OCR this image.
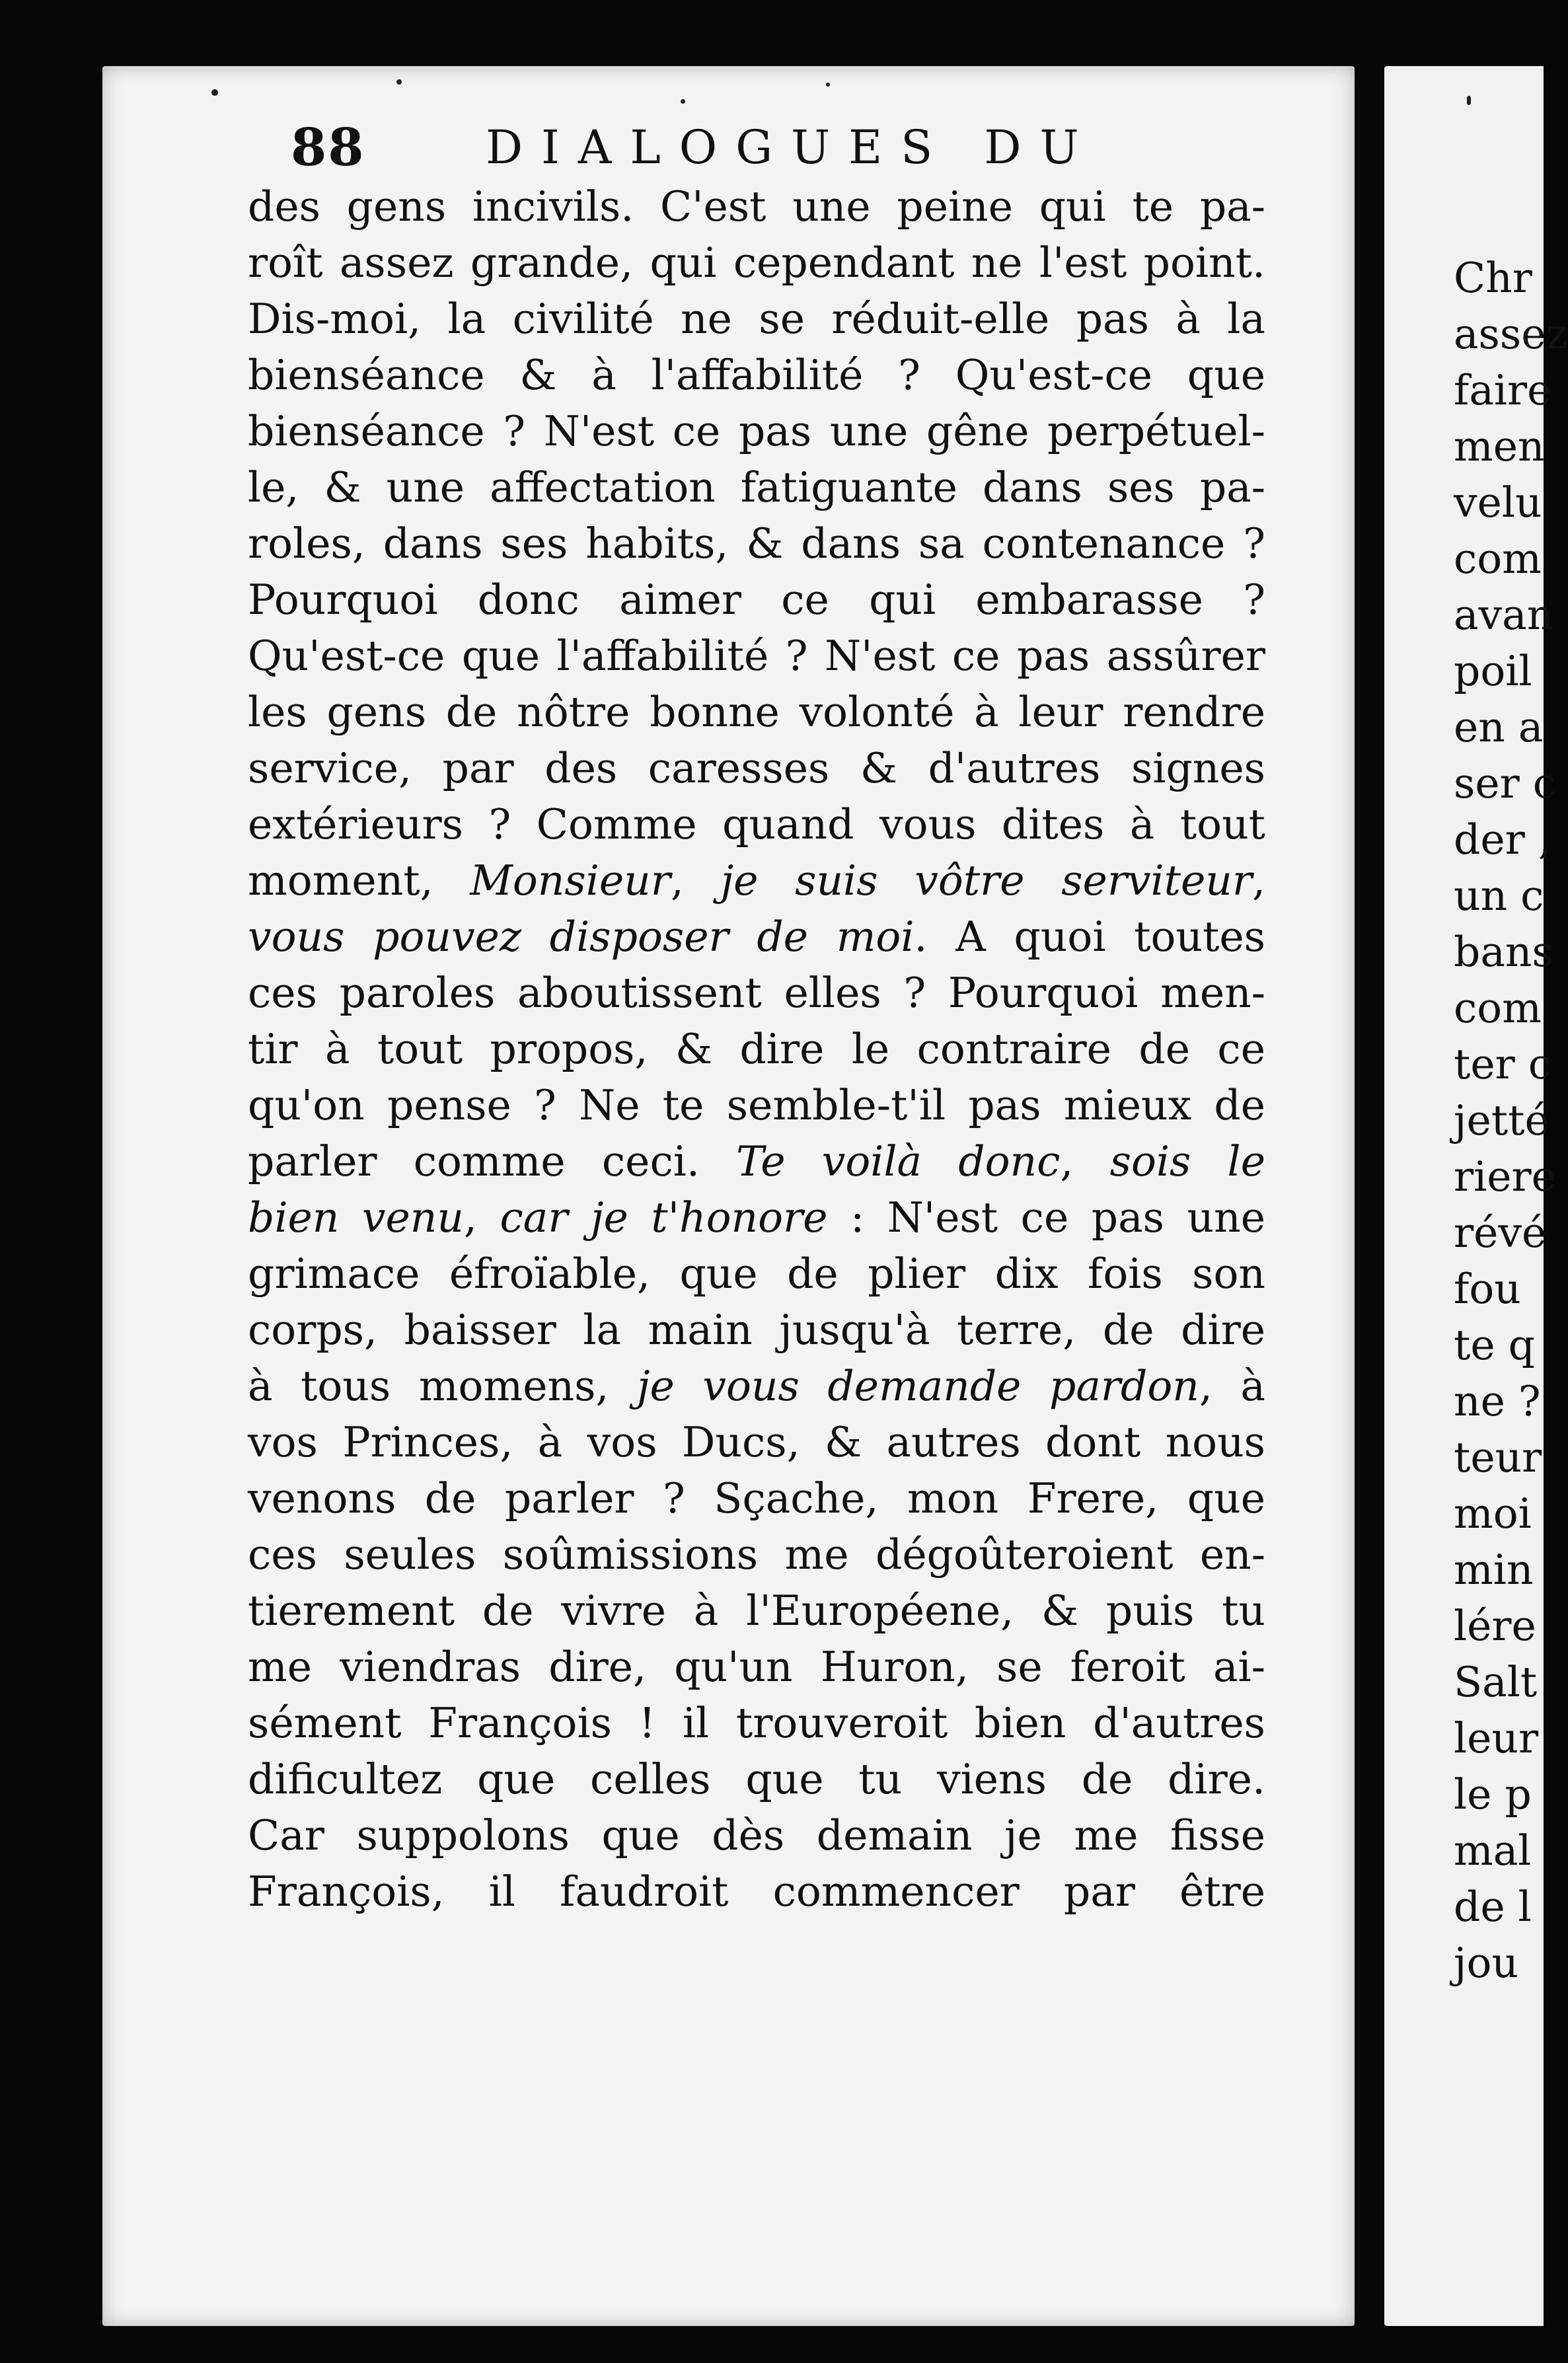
88	DIALOGUES DU
des gens incivils. C'est une peine qui te pa-
roît assez grande, qui cependant ne l'est point.
Dis-moi, la civilité ne se réduit-elle pas à la
bienséance & à l'affabilité ? Qu'est-ce que
bienséance ? N'est ce pas une gêne perpétuel-
le, & une affectation fatiguante dans ses pa-
roles, dans ses habits, & dans sa contenance ?
Pourquoi donc aimer ce qui embarasse ?
Qu'est-ce que l'affabilité ? N'est ce pas assûrer
les gens de nôtre bonne volonté à leur rendre
service, par des caresses & d'autres signes
extérieurs ? Comme quand vous dites à tout
moment, Monsieur, je suis vôtre serviteur,
vous pouvez disposer de moi. A quoi toutes
ces paroles aboutissent elles ? Pourquoi men-
tir à tout propos, & dire le contraire de ce
qu'on pense ? Ne te semble-t'il pas mieux de
parler comme ceci. Te voilà donc, sois le
bien venu, car je t'honore : N'est ce pas une
grimace éfroïable, que de plier dix fois son
corps, baisser la main jusqu'à terre, de dire
à tous momens, je vous demande pardon, à
vos Princes, à vos Ducs, & autres dont nous
venons de parler ? Sçache, mon Frere, que
ces seules soûmissions me dégoûteroient en-
tierement de vivre à l'Européene, & puis tu
me viendras dire, qu'un Huron, se feroit ai-
sément François ! il trouveroit bien d'autres
dificultez que celles que tu viens de dire.
Car suppolons que dès demain je me fisse
François, il faudroit commencer par être
Chr
assez
faire
men
velu
com
avan
poil
en a
ser c
der ,
un c
bans
com
ter c
jetté
riere
révé
fou
te q
ne ?
teur
moi
min
lére
Salt
leur
le p
mal
de l
jou
